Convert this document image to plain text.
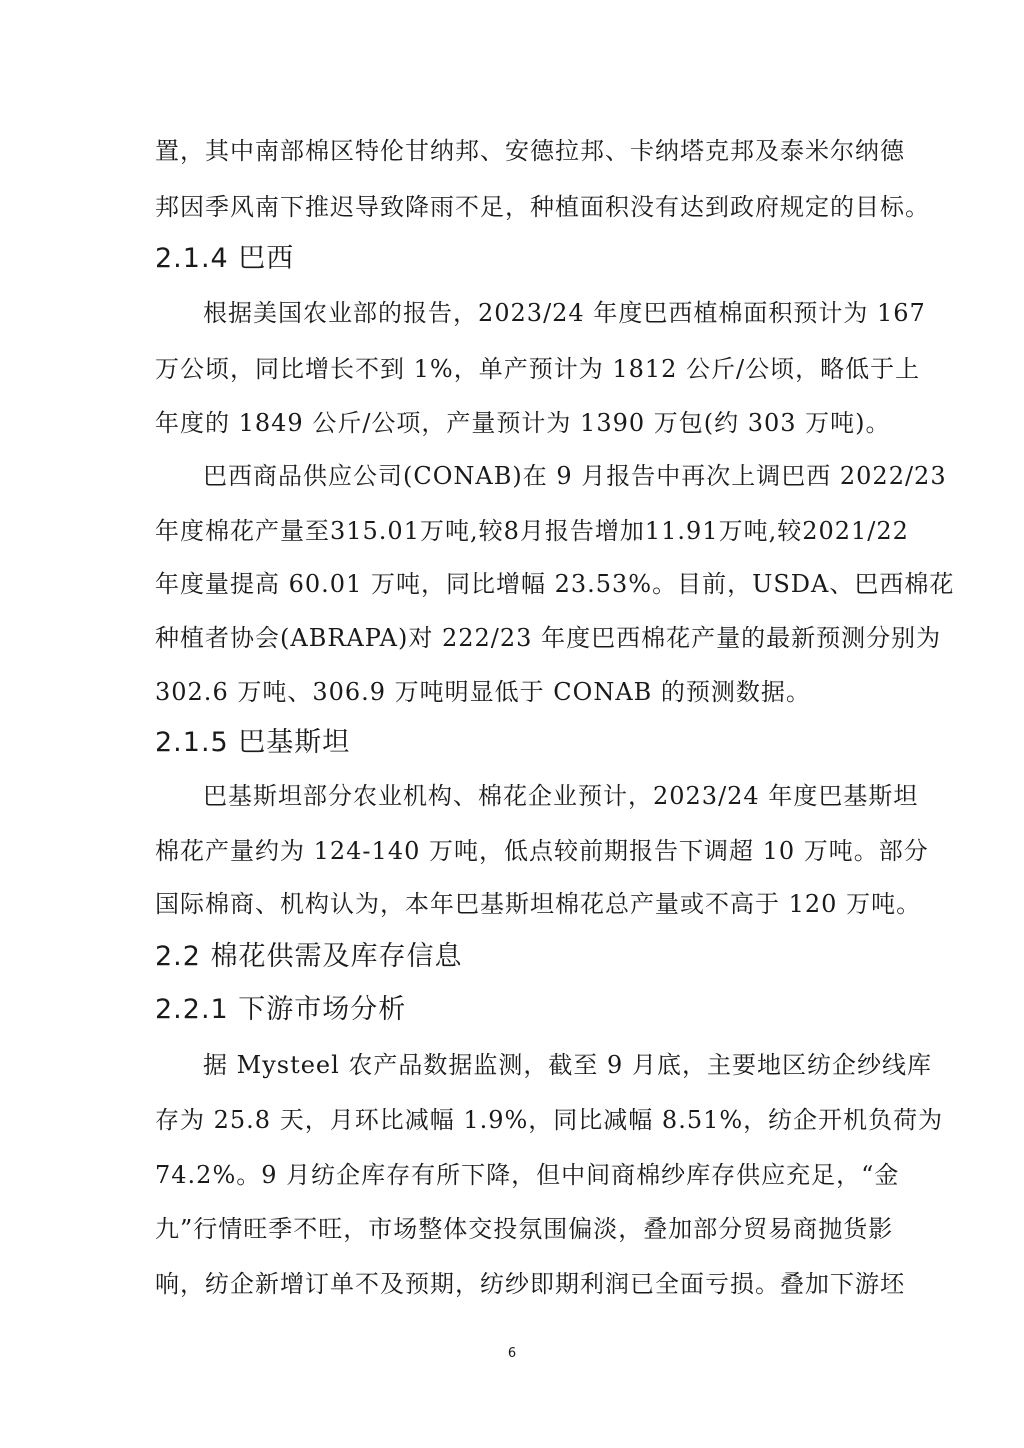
置，其中南部棉区特伦甘纳邦、安德拉邦、卡纳塔克邦及泰米尔纳德
邦因季风南下推迟导致降雨不足，种植面积没有达到政府规定的目标。
2.1.4 巴西
根据美国农业部的报告，2023/24 年度巴西植棉面积预计为 167
万公顷，同比增长不到 1%，单产预计为 1812 公斤/公顷，略低于上
年度的 1849 公斤/公项，产量预计为 1390 万包(约 303 万吨)。
巴西商品供应公司(CONAB)在 9 月报告中再次上调巴西 2022/23
年度棉花产量至315.01万吨,较8月报告增加11.91万吨,较2021/22
年度量提高 60.01 万吨，同比增幅 23.53%。目前，USDA、巴西棉花
种植者协会(ABRAPA)对 222/23 年度巴西棉花产量的最新预测分别为
302.6 万吨、306.9 万吨明显低于 CONAB 的预测数据。
2.1.5 巴基斯坦
巴基斯坦部分农业机构、棉花企业预计，2023/24 年度巴基斯坦
棉花产量约为 124-140 万吨，低点较前期报告下调超 10 万吨。部分
国际棉商、机构认为，本年巴基斯坦棉花总产量或不高于 120 万吨。
2.2 棉花供需及库存信息
2.2.1 下游市场分析
据 Mysteel 农产品数据监测，截至 9 月底，主要地区纺企纱线库
存为 25.8 天，月环比减幅 1.9%，同比减幅 8.51%，纺企开机负荷为
74.2%。9 月纺企库存有所下降，但中间商棉纱库存供应充足，“金
九”行情旺季不旺，市场整体交投氛围偏淡，叠加部分贸易商抛货影
响，纺企新增订单不及预期，纺纱即期利润已全面亏损。叠加下游坯
6
